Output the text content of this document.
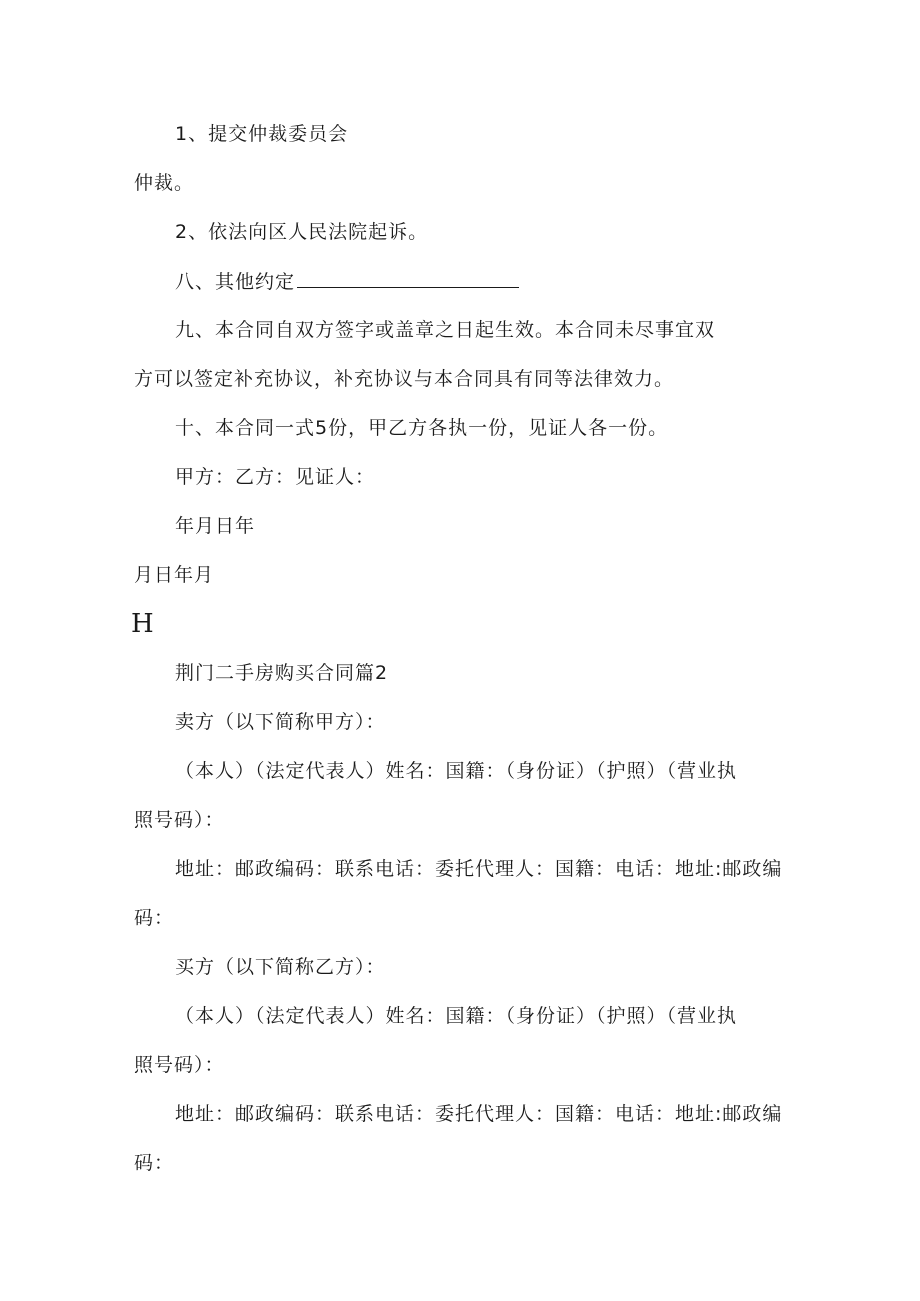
1、提交仲裁委员会
仲裁。
2、依法向区人民法院起诉。
八、其他约定
九、本合同自双方签字或盖章之日起生效。本合同未尽事宜双
方可以签定补充协议，补充协议与本合同具有同等法律效力。
十、本合同一式5份，甲乙方各执一份，见证人各一份。
甲方：乙方：见证人：
年月日年
月日年月
H
荆门二手房购买合同篇2
卖方（以下简称甲方）：
（本人）（法定代表人）姓名：国籍：（身份证）（护照）（营业执
照号码）：
地址：邮政编码：联系电话：委托代理人：国籍：电话：地址:邮政编
码：
买方（以下简称乙方）：
（本人）（法定代表人）姓名：国籍：（身份证）（护照）（营业执
照号码）：
地址：邮政编码：联系电话：委托代理人：国籍：电话：地址:邮政编
码：
